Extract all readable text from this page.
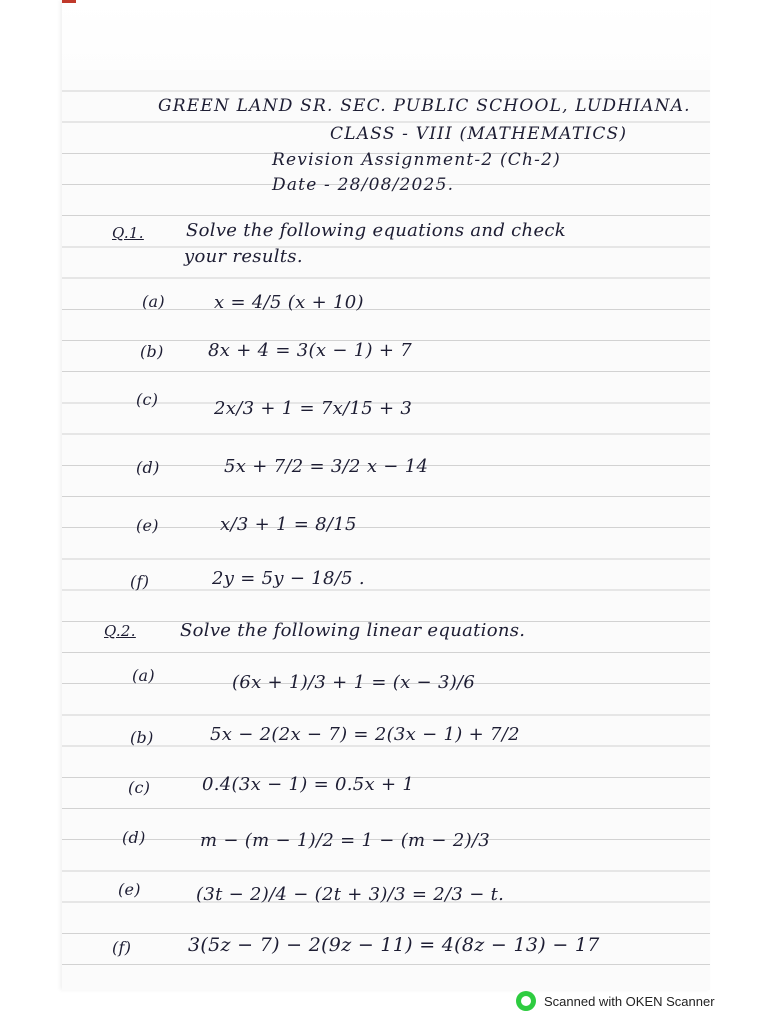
GREEN LAND SR. SEC. PUBLIC SCHOOL, LUDHIANA.
CLASS - VIII (MATHEMATICS)
Revision Assignment-2 (Ch-2)
Date - 28/08/2025.
Q.1. Solve the following equations and check
your results.
(a)	x = 4/5 (x + 10)
(b) 8x + 4 = 3(x − 1) + 7
(c)	2x/3 + 1 = 7x/15 + 3
(d)	5x + 7/2 = 3/2 x − 14
(e)	x/3 + 1 = 8/15
(f)	2y = 5y − 18/5 .
Q.2. Solve the following linear equations.
(a)	(6x + 1)/3 + 1 = (x − 3)/6
(b)	5x − 2(2x − 7) = 2(3x − 1) + 7/2
(c)	0.4(3x − 1) = 0.5x + 1
(d)	m − (m − 1)/2 = 1 − (m − 2)/3
(e)	(3t − 2)/4 − (2t + 3)/3 = 2/3 − t.
(f)	3(5z − 7) − 2(9z − 11) = 4(8z − 13) − 17
Scanned with OKEN Scanner
